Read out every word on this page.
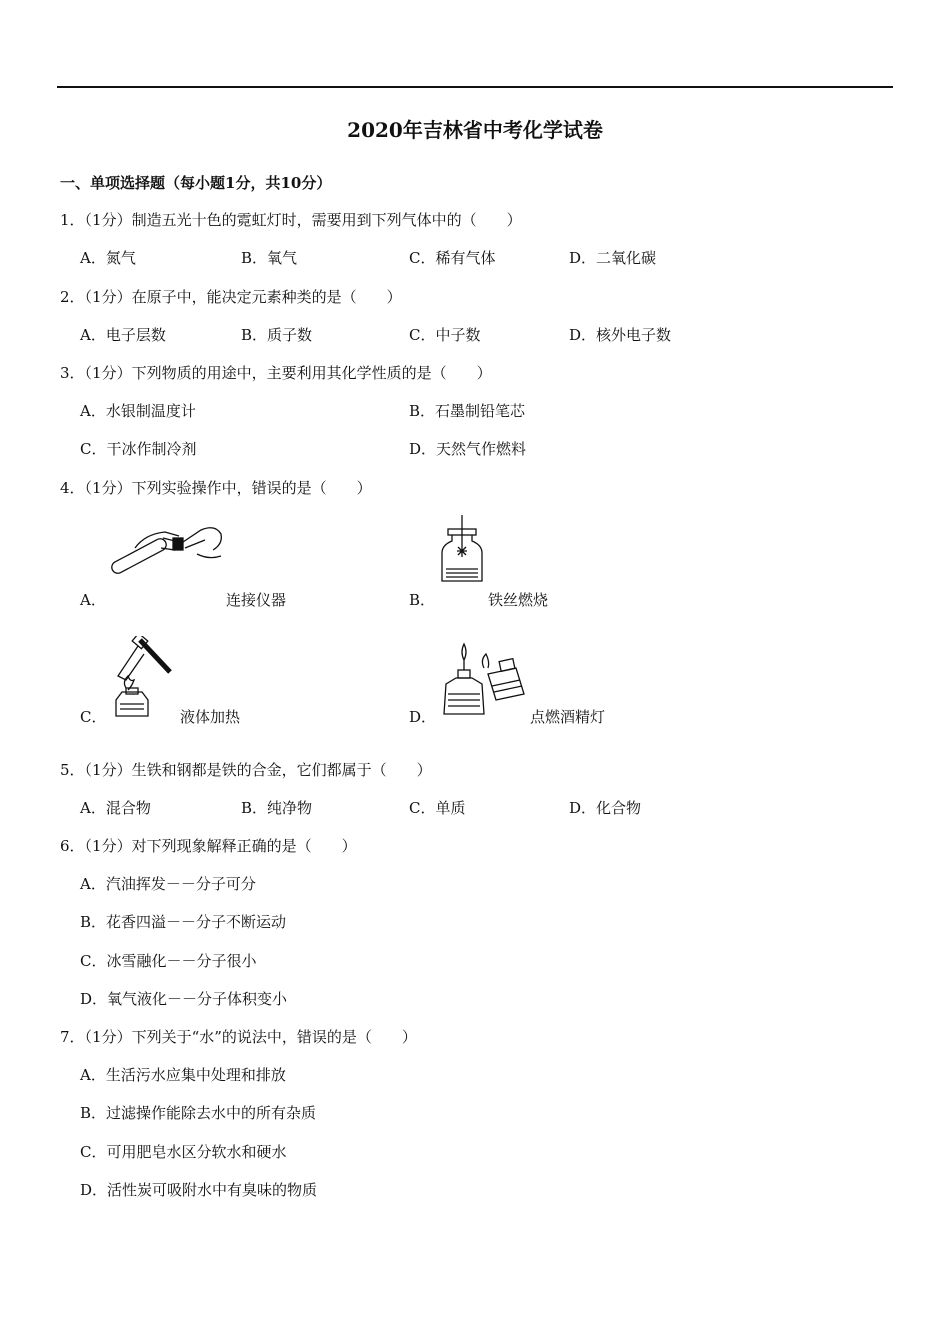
2020年吉林省中考化学试卷
一、单项选择题（每小题1分，共10分）
1．（1分）制造五光十色的霓虹灯时，需要用到下列气体中的（　　）
A．氮气	B．氧气	C．稀有气体	D．二氧化碳
2．（1分）在原子中，能决定元素种类的是（　　）
A．电子层数	B．质子数	C．中子数	D．核外电子数
3．（1分）下列物质的用途中，主要利用其化学性质的是（　　）
A．水银制温度计	B．石墨制铅笔芯
C．干冰作制冷剂	D．天然气作燃料
4．（1分）下列实验操作中，错误的是（　　）
A．	连接仪器	B．	铁丝燃烧
C．	液体加热	D．	点燃酒精灯
5．（1分）生铁和钢都是铁的合金，它们都属于（　　）
A．混合物	B．纯净物	C．单质	D．化合物
6．（1分）对下列现象解释正确的是（　　）
A．汽油挥发－－分子可分
B．花香四溢－－分子不断运动
C．冰雪融化－－分子很小
D．氧气液化－－分子体积变小
7．（1分）下列关于“水”的说法中，错误的是（　　）
A．生活污水应集中处理和排放
B．过滤操作能除去水中的所有杂质
C．可用肥皂水区分软水和硬水
D．活性炭可吸附水中有臭味的物质
